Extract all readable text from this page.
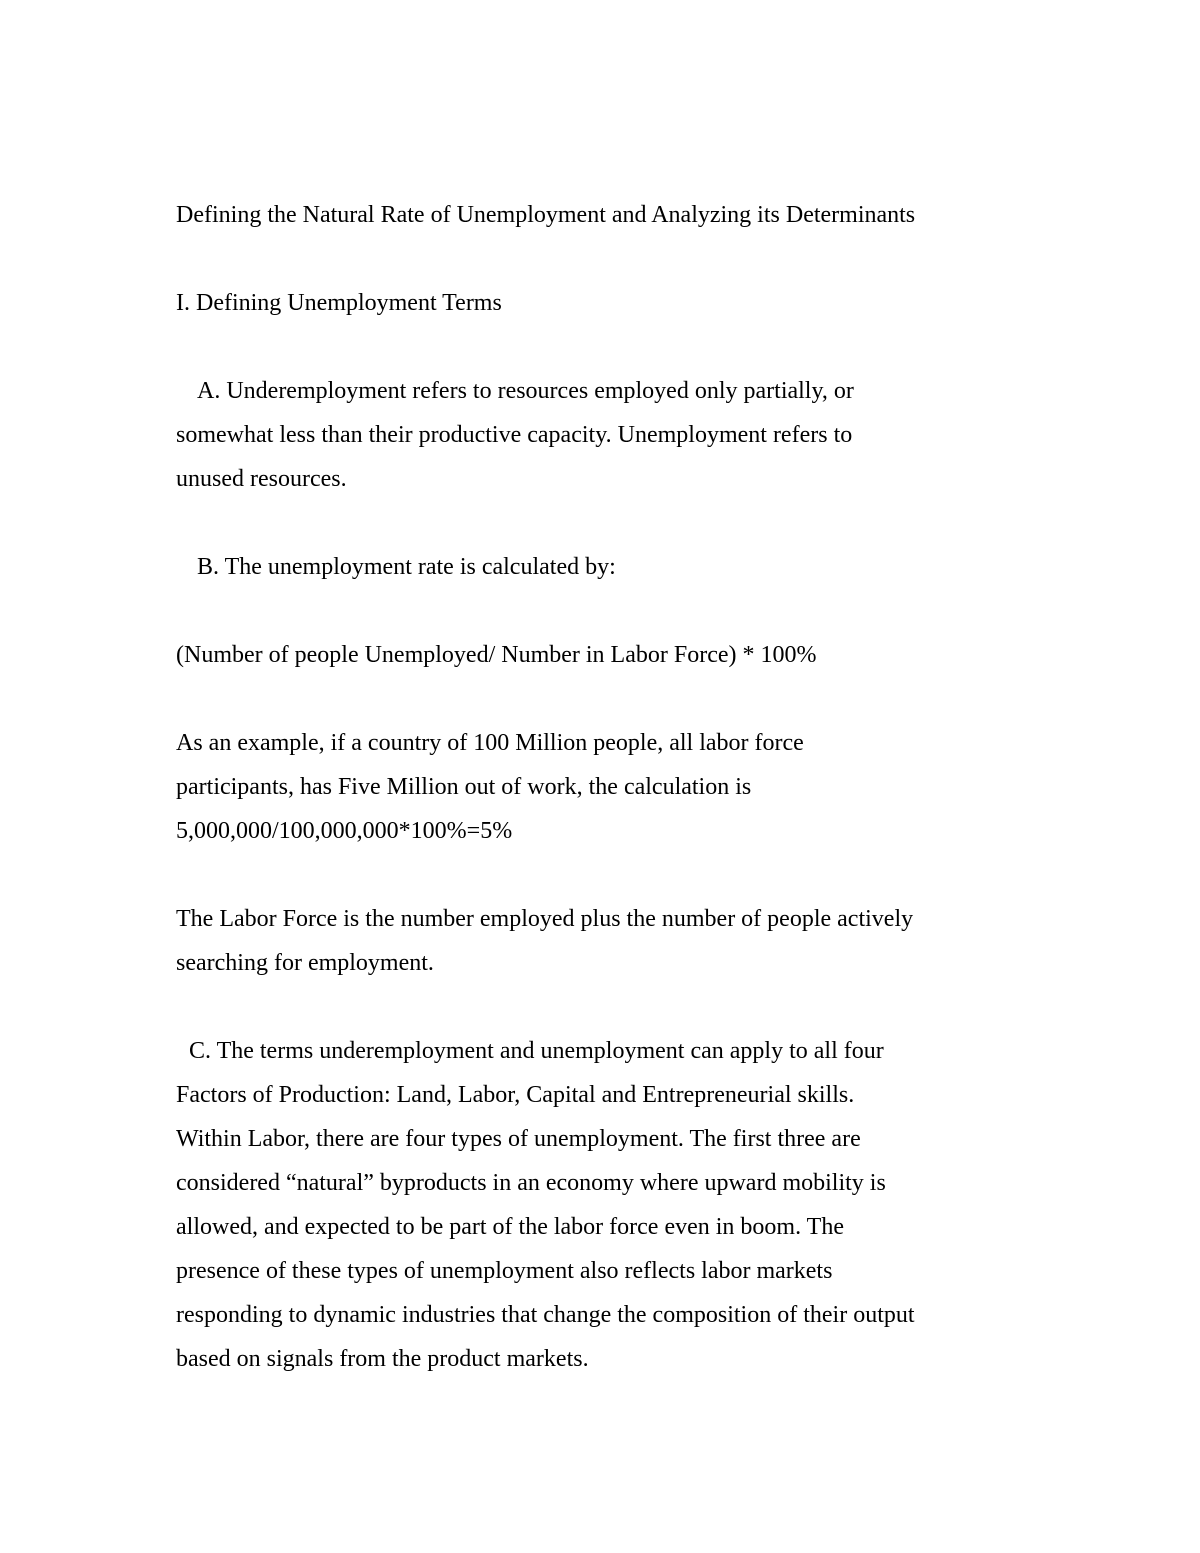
Defining the Natural Rate of Unemployment and Analyzing its Determinants

I. Defining Unemployment Terms

A. Underemployment refers to resources employed only partially, or
somewhat less than their productive capacity. Unemployment refers to
unused resources.

B. The unemployment rate is calculated by:

(Number of people Unemployed/ Number in Labor Force) * 100%

As an example, if a country of 100 Million people, all labor force
participants, has Five Million out of work, the calculation is
5,000,000/100,000,000*100%=5%

The Labor Force is the number employed plus the number of people actively
searching for employment.

C. The terms underemployment and unemployment can apply to all four
Factors of Production: Land, Labor, Capital and Entrepreneurial skills.
Within Labor, there are four types of unemployment. The first three are
considered “natural” byproducts in an economy where upward mobility is
allowed, and expected to be part of the labor force even in boom. The
presence of these types of unemployment also reflects labor markets
responding to dynamic industries that change the composition of their output
based on signals from the product markets.
